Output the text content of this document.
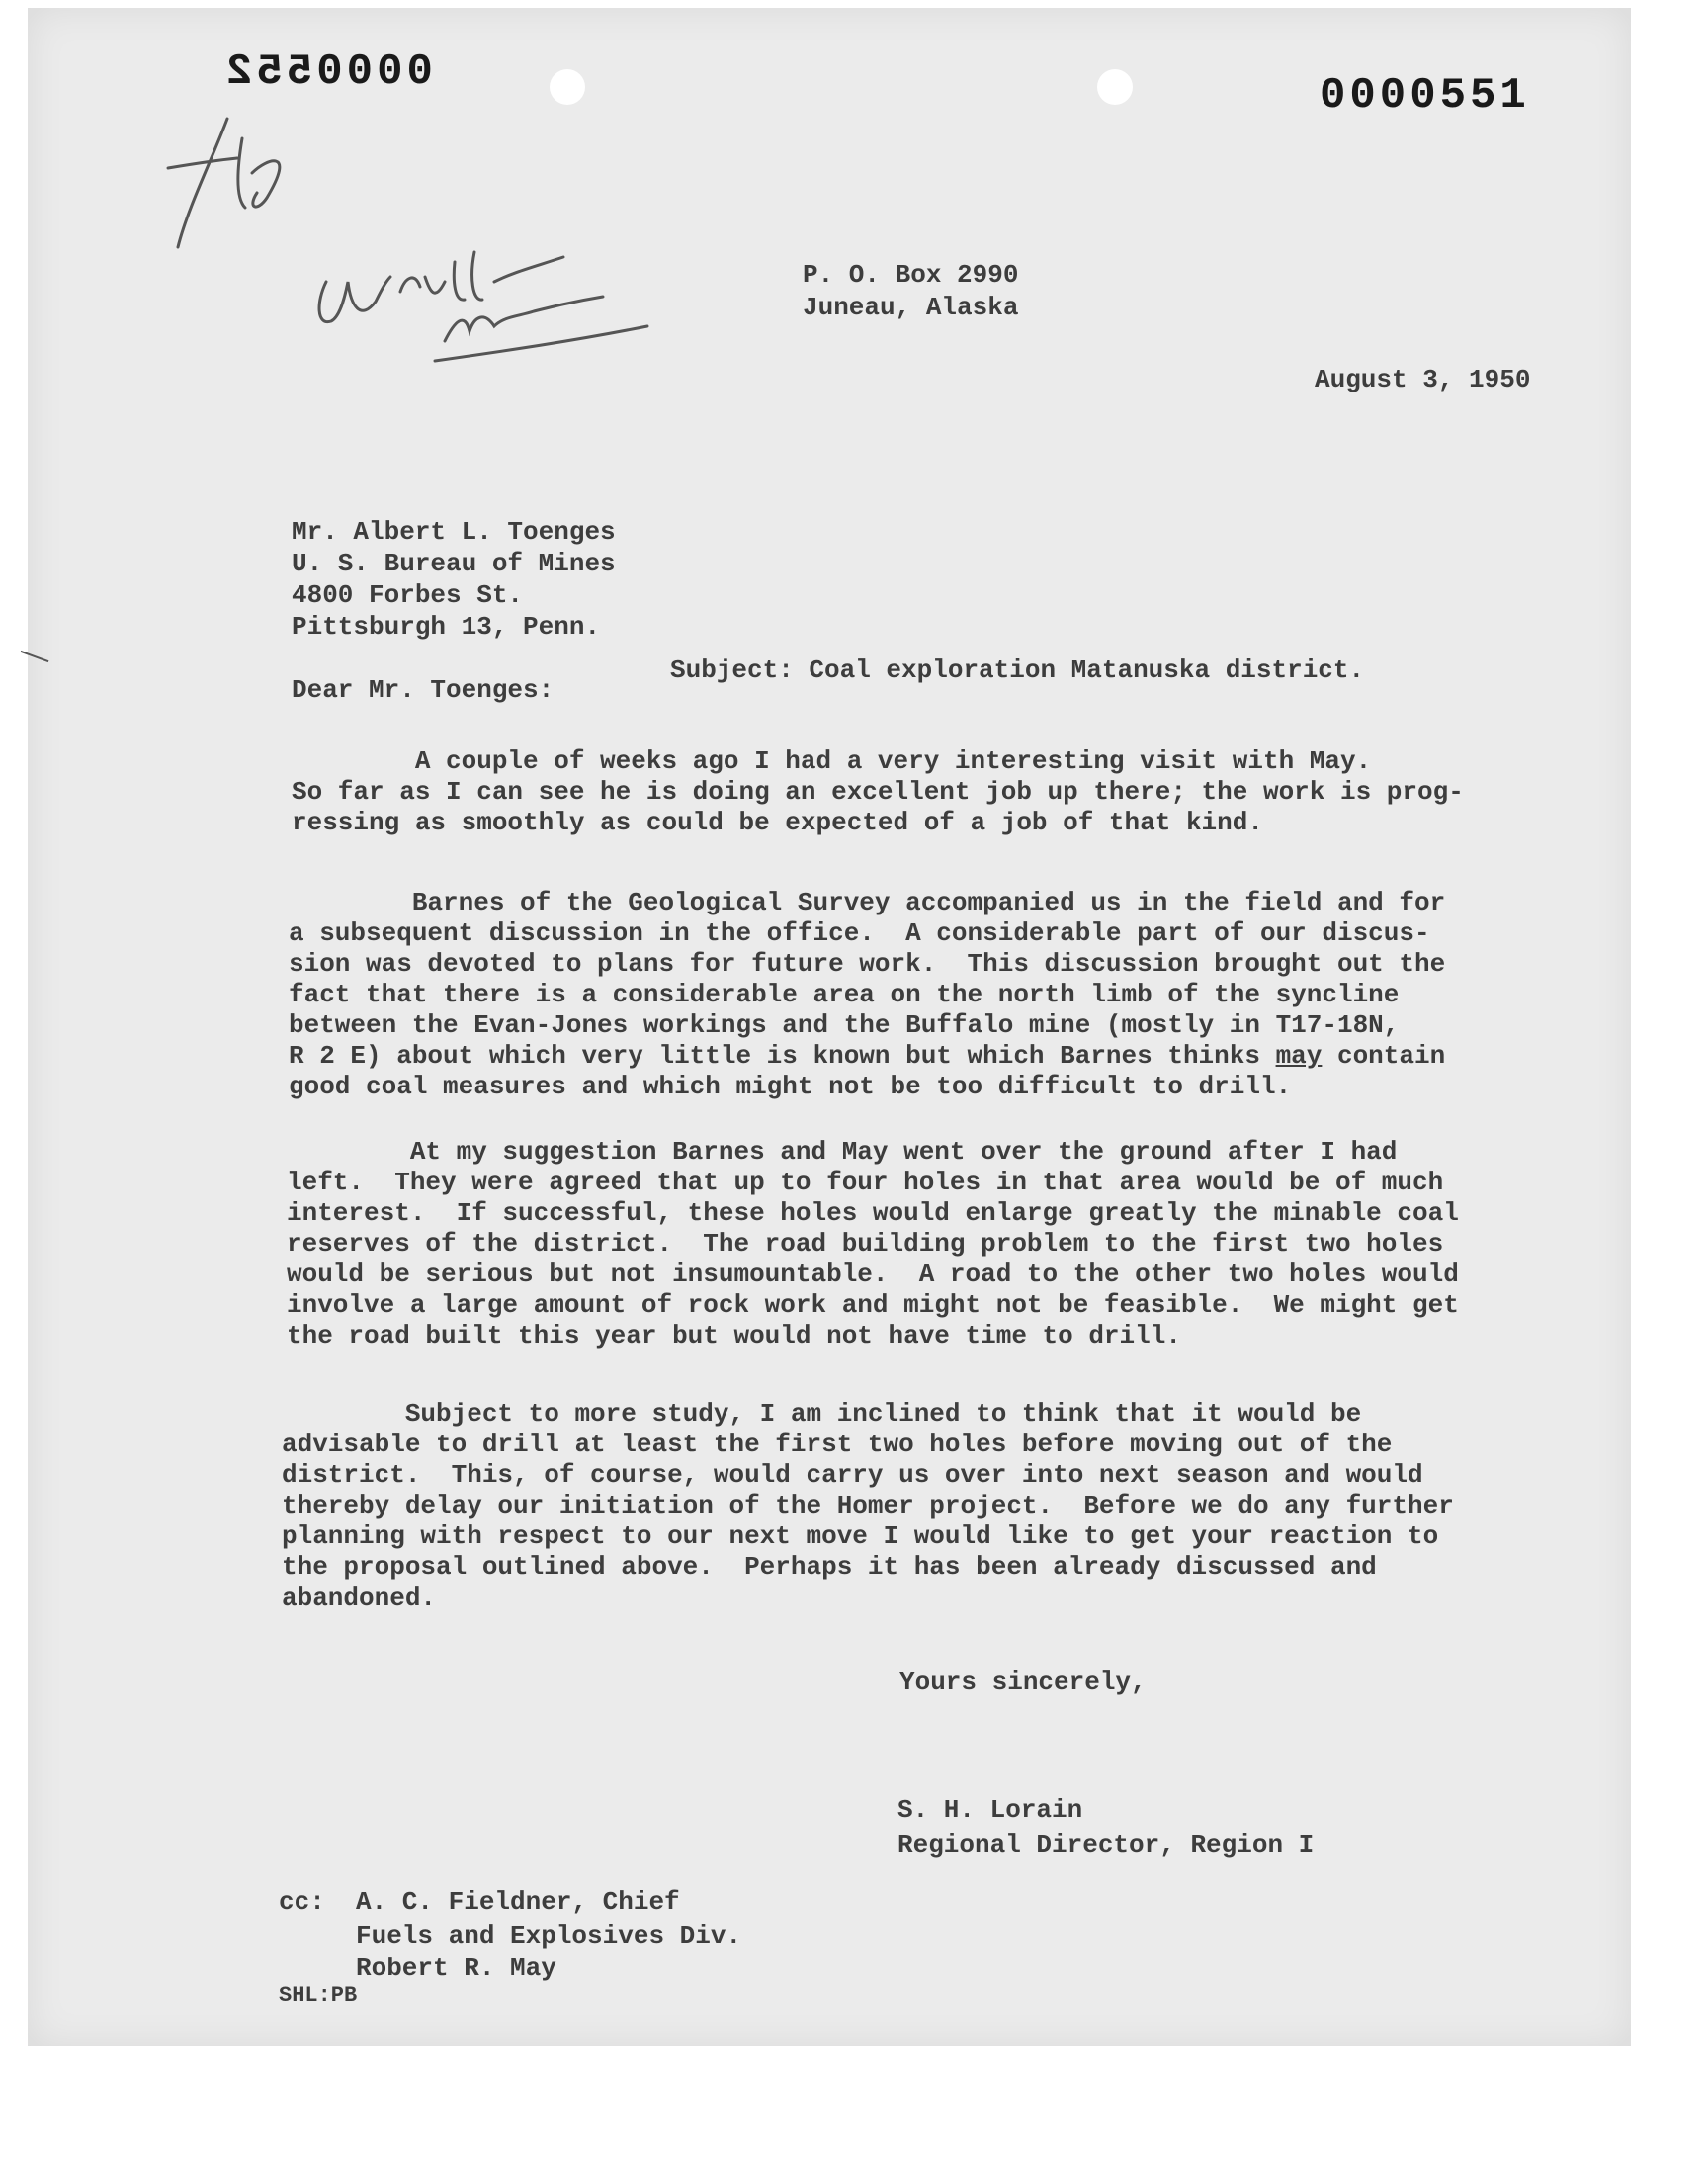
0000552	0000551
P. O. Box 2990
Juneau, Alaska
August 3, 1950
Mr. Albert L. Toenges
U. S. Bureau of Mines
4800 Forbes St.
Pittsburgh 13, Penn.
Subject: Coal exploration Matanuska district.
Dear Mr. Toenges:
A couple of weeks ago I had a very interesting visit with May.
So far as I can see he is doing an excellent job up there; the work is prog-
ressing as smoothly as could be expected of a job of that kind.
Barnes of the Geological Survey accompanied us in the field and for
a subsequent discussion in the office.  A considerable part of our discus-
sion was devoted to plans for future work.  This discussion brought out the
fact that there is a considerable area on the north limb of the syncline
between the Evan-Jones workings and the Buffalo mine (mostly in T17-18N,
R 2 E) about which very little is known but which Barnes thinks may contain
good coal measures and which might not be too difficult to drill.
At my suggestion Barnes and May went over the ground after I had
left.  They were agreed that up to four holes in that area would be of much
interest.  If successful, these holes would enlarge greatly the minable coal
reserves of the district.  The road building problem to the first two holes
would be serious but not insumountable.  A road to the other two holes would
involve a large amount of rock work and might not be feasible.  We might get
the road built this year but would not have time to drill.
Subject to more study, I am inclined to think that it would be
advisable to drill at least the first two holes before moving out of the
district.  This, of course, would carry us over into next season and would
thereby delay our initiation of the Homer project.  Before we do any further
planning with respect to our next move I would like to get your reaction to
the proposal outlined above.  Perhaps it has been already discussed and
abandoned.
Yours sincerely,
S. H. Lorain
Regional Director, Region I
cc: A. C. Fieldner, Chief
Fuels and Explosives Div.
Robert R. May
SHL:PB
